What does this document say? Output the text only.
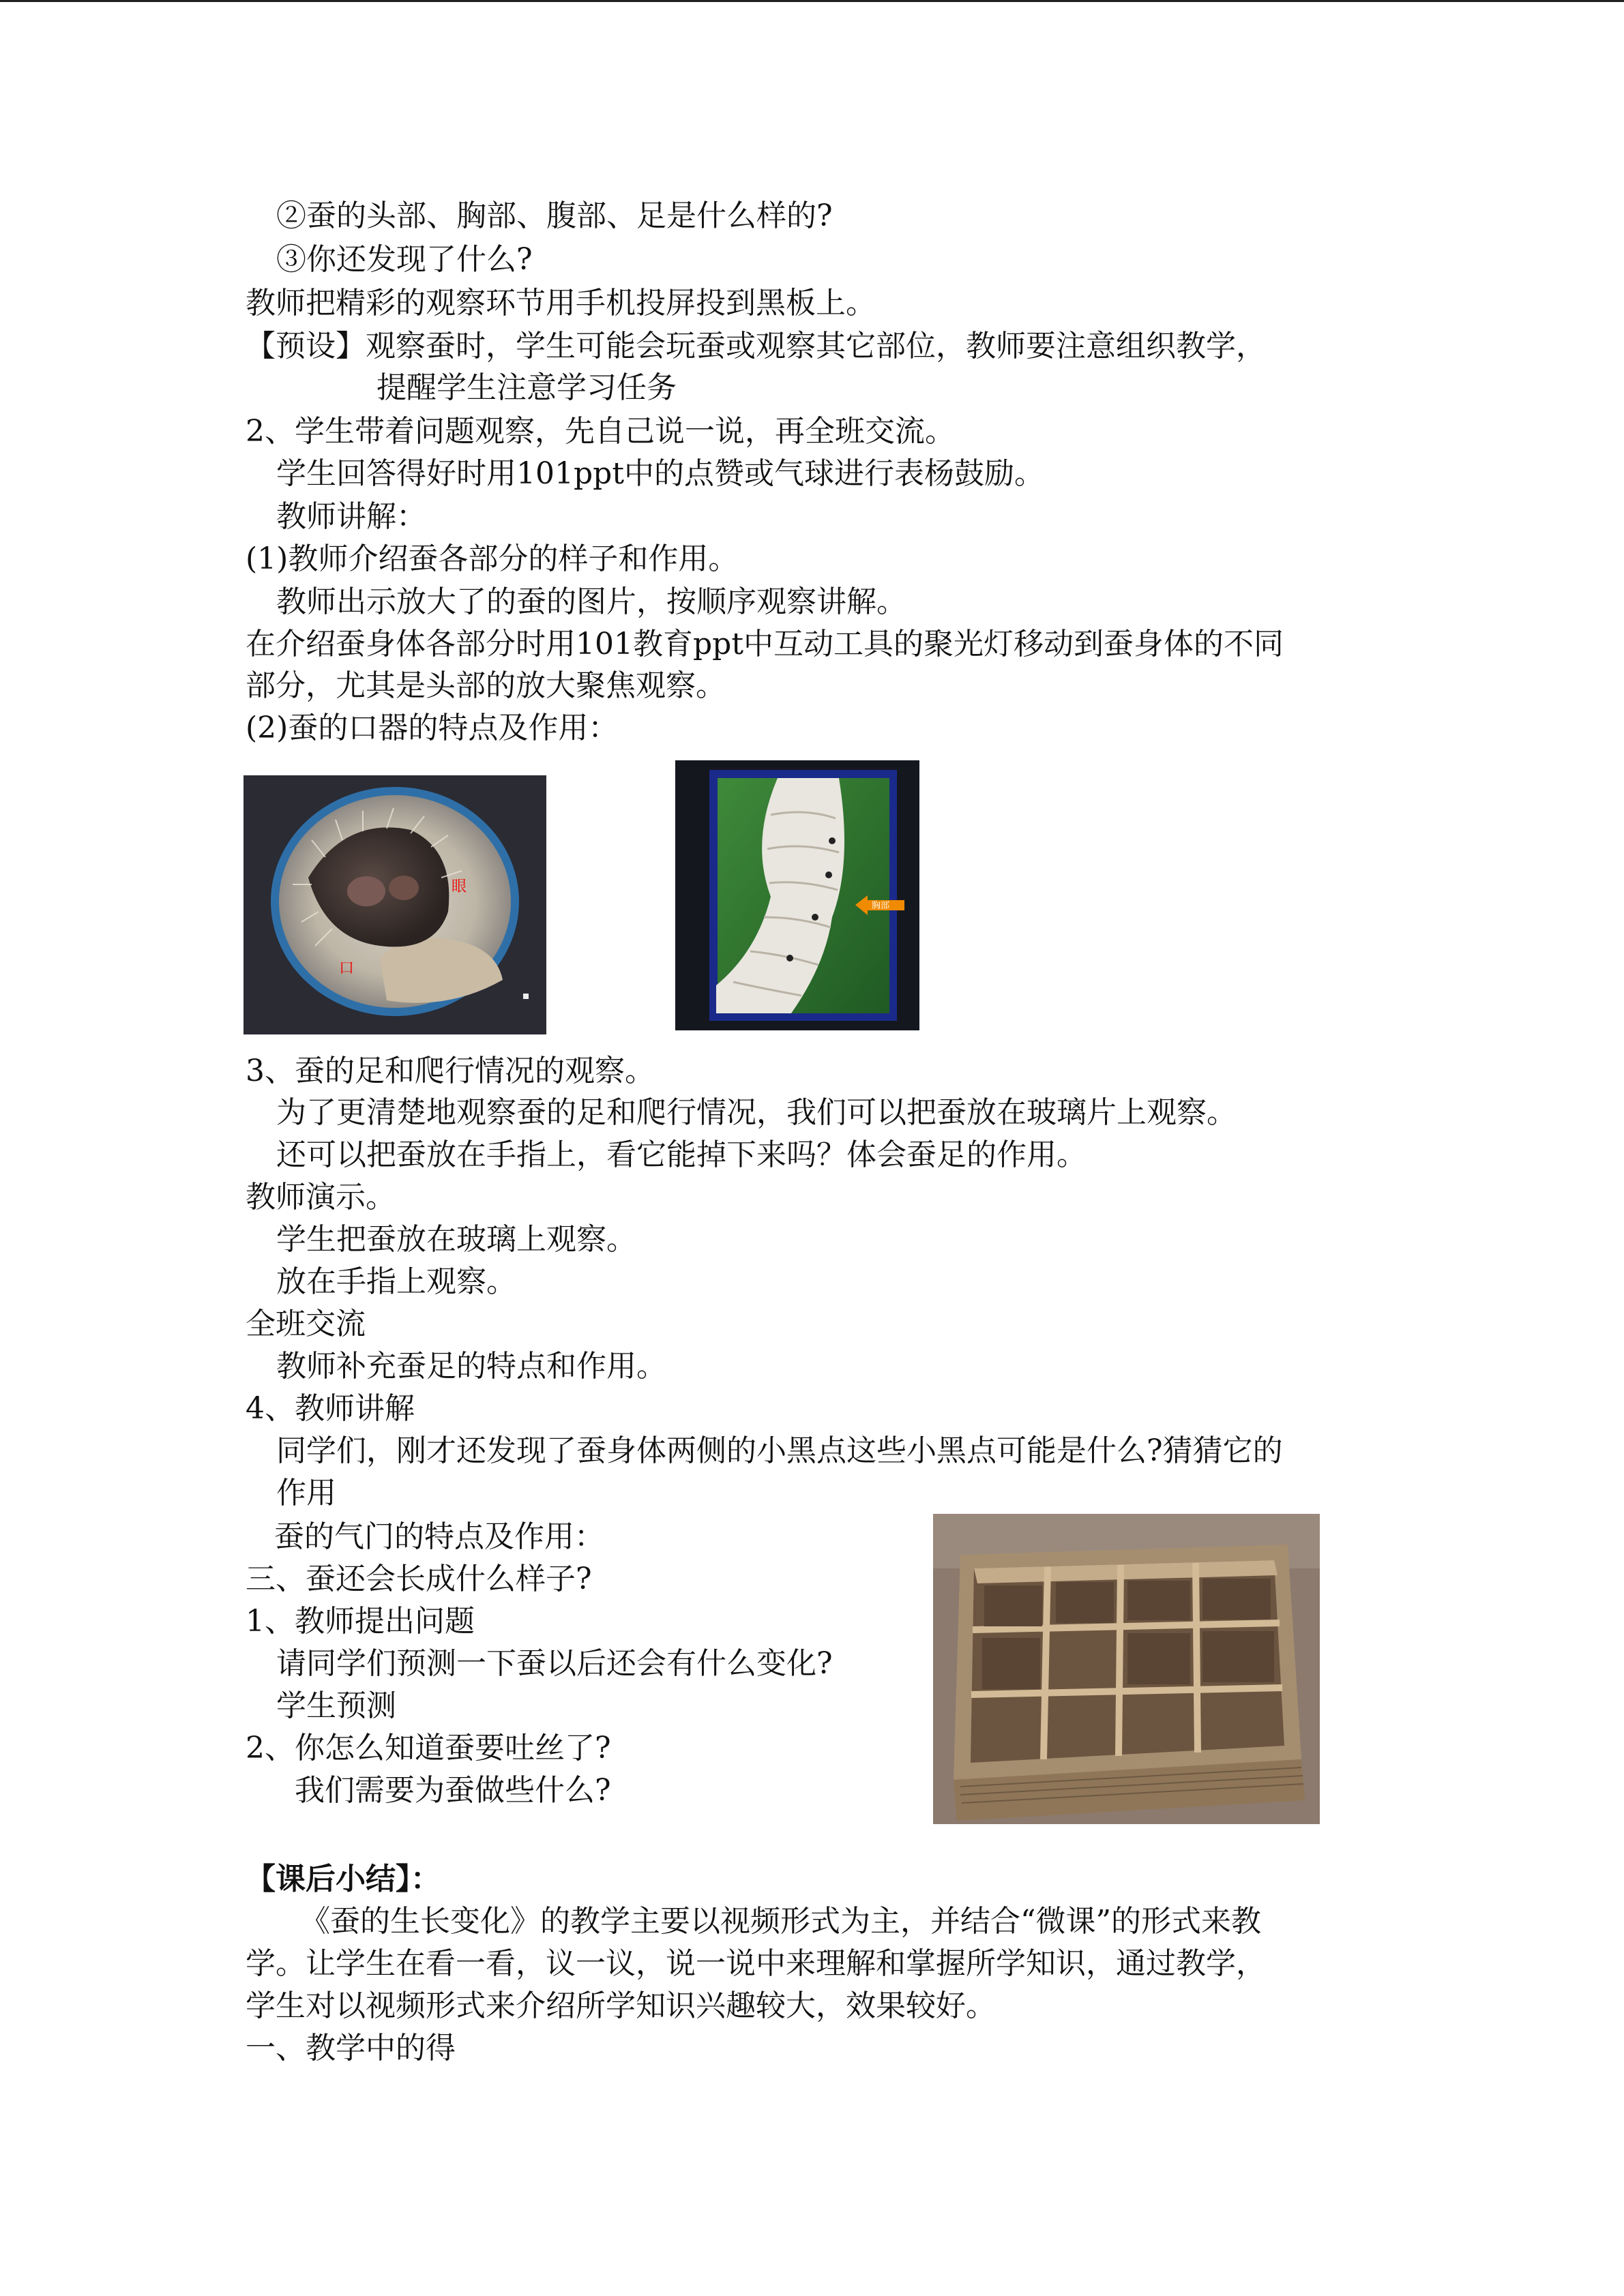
②蚕的头部、胸部、腹部、足是什么样的?
③你还发现了什么?
教师把精彩的观察环节用手机投屏投到黑板上。
【预设】观察蚕时，学生可能会玩蚕或观察其它部位，教师要注意组织教学，
提醒学生注意学习任务
2、学生带着问题观察，先自己说一说，再全班交流。
学生回答得好时用101ppt中的点赞或气球进行表杨鼓励。
教师讲解：
(1)教师介绍蚕各部分的样子和作用。
教师出示放大了的蚕的图片，按顺序观察讲解。
在介绍蚕身体各部分时用101教育ppt中互动工具的聚光灯移动到蚕身体的不同
部分，尤其是头部的放大聚焦观察。
(2)蚕的口器的特点及作用：
眼
口
胸部
3、蚕的足和爬行情况的观察。
为了更清楚地观察蚕的足和爬行情况，我们可以把蚕放在玻璃片上观察。
还可以把蚕放在手指上，看它能掉下来吗？体会蚕足的作用。
教师演示。
学生把蚕放在玻璃上观察。
放在手指上观察。
全班交流
教师补充蚕足的特点和作用。
4、教师讲解
同学们，刚才还发现了蚕身体两侧的小黑点这些小黑点可能是什么?猜猜它的
作用
蚕的气门的特点及作用：
三、蚕还会长成什么样子?
1、教师提出问题
请同学们预测一下蚕以后还会有什么变化?
学生预测
2、你怎么知道蚕要吐丝了?
我们需要为蚕做些什么?
【课后小结】：
《蚕的生长变化》的教学主要以视频形式为主，并结合“微课”的形式来教
学。让学生在看一看，议一议，说一说中来理解和掌握所学知识，通过教学，
学生对以视频形式来介绍所学知识兴趣较大，效果较好。
一、教学中的得
